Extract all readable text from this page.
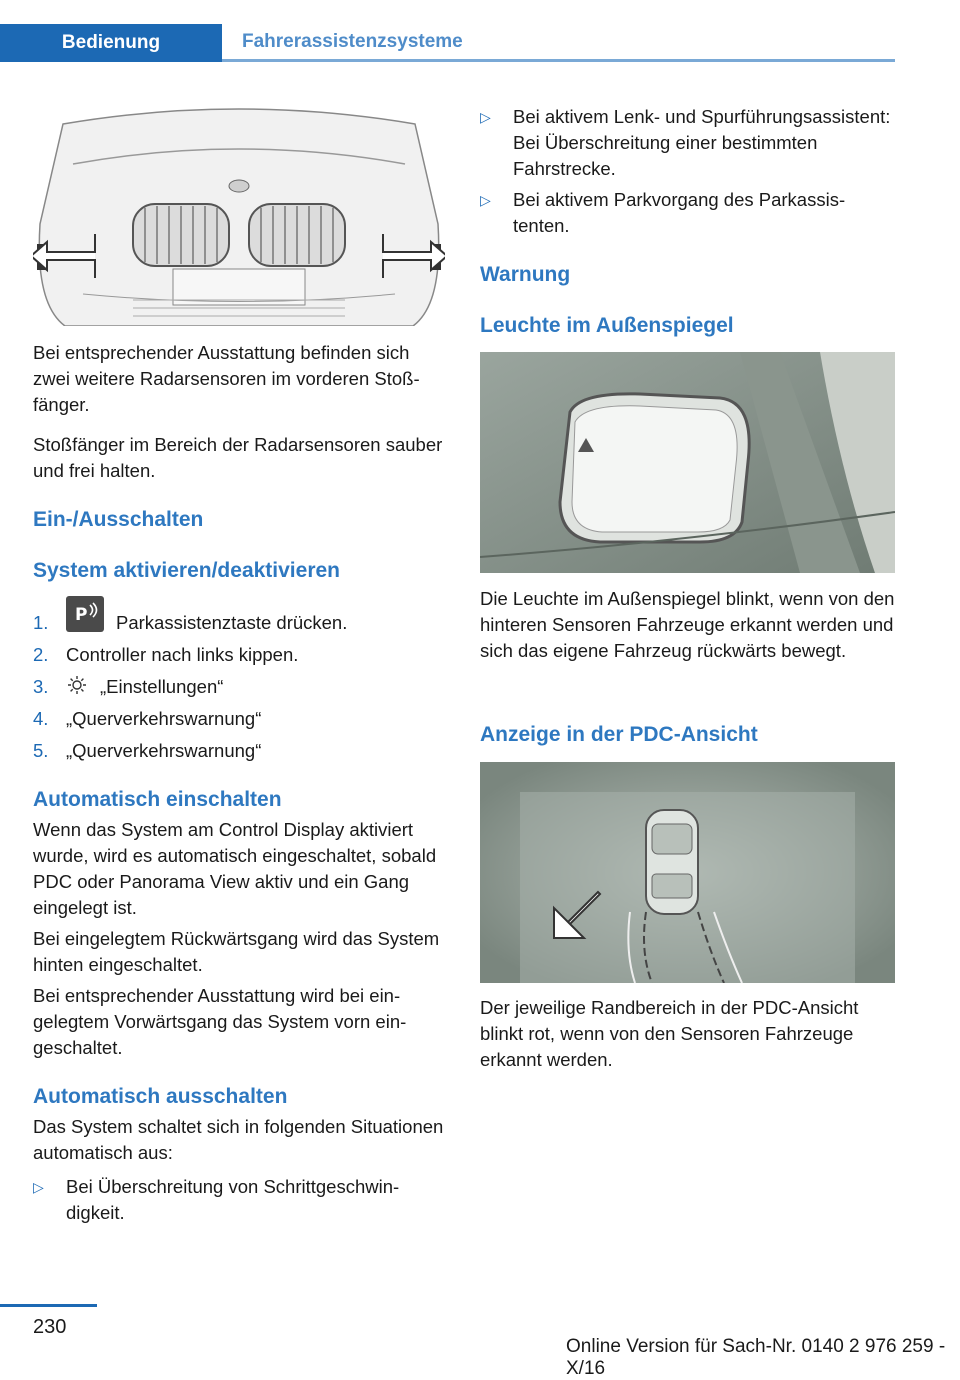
Bedienung	Fahrerassistenzsysteme

Bei entsprechender Ausstattung befinden sich zwei weitere Radarsensoren im vorderen Stoßfänger.

Stoßfänger im Bereich der Radarsensoren sauber und frei halten.

Ein-/Ausschalten
System aktivieren/deaktivieren
1.	P Parkassistenztaste drücken.
2. Controller nach links kippen.
3.	„Einstellungen“
4. „Querverkehrswarnung“
5. „Querverkehrswarnung“
Automatisch einschalten

Wenn das System am Control Display aktiviert wurde, wird es automatisch eingeschaltet, sobald PDC oder Panorama View aktiv und ein Gang eingelegt ist.

Bei eingelegtem Rückwärtsgang wird das System hinten eingeschaltet.

Bei entsprechender Ausstattung wird bei eingelegtem Vorwärtsgang das System vorn eingeschaltet.

Automatisch ausschalten

Das System schaltet sich in folgenden Situationen automatisch aus:

▷	Bei Überschreitung von Schrittgeschwindigkeit.
▷	Bei aktivem Lenk- und Spurführungsassistent: Bei Überschreitung einer bestimmten Fahrstrecke.
▷	Bei aktivem Parkvorgang des Parkassistenten.
Warnung
Leuchte im Außenspiegel

Die Leuchte im Außenspiegel blinkt, wenn von den hinteren Sensoren Fahrzeuge erkannt werden und sich das eigene Fahrzeug rückwärts bewegt.

Anzeige in der PDC-Ansicht

Der jeweilige Randbereich in der PDC-Ansicht blinkt rot, wenn von den Sensoren Fahrzeuge erkannt werden.

230
Online Version für Sach-Nr. 0140 2 976 259 - X/16
